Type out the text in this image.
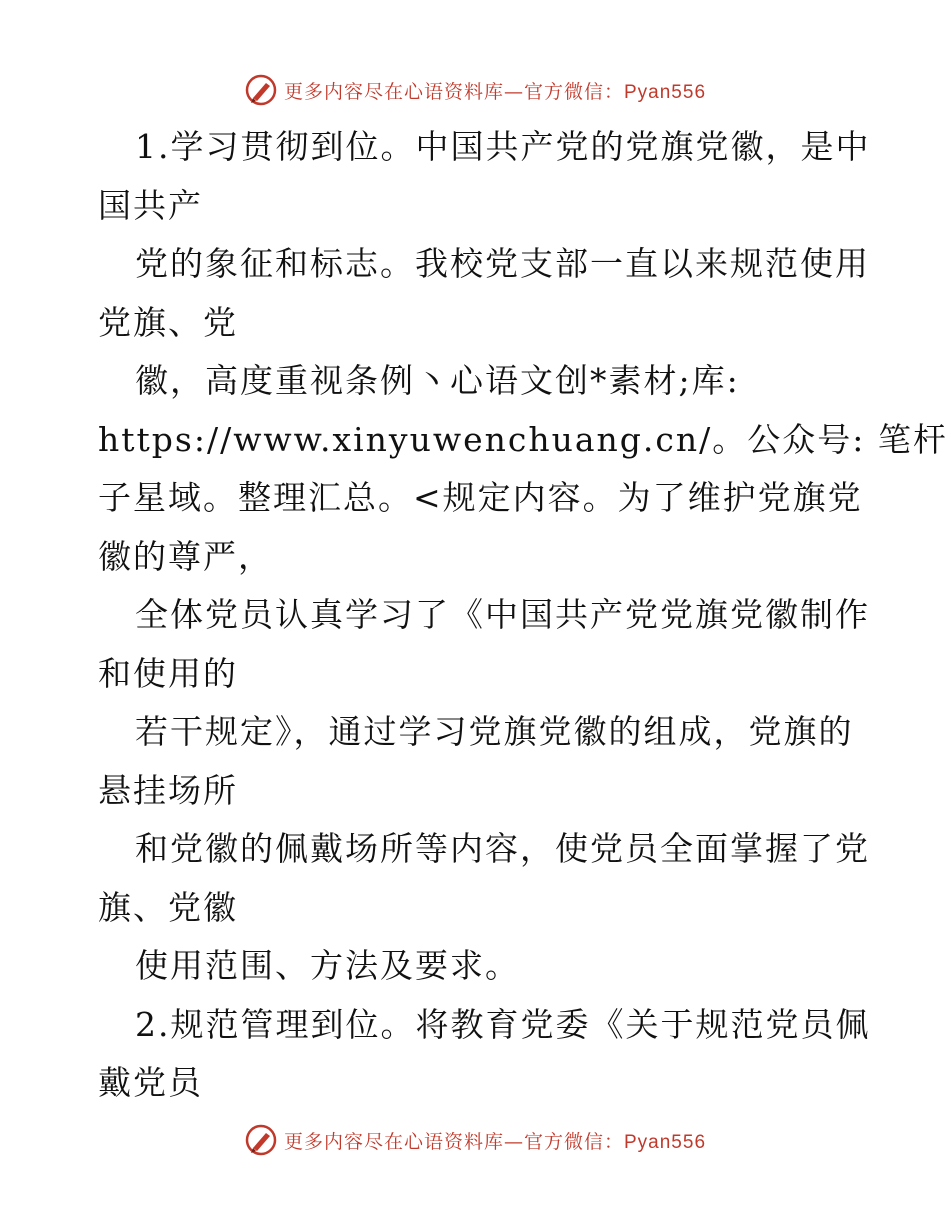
更多内容尽在心语资料库—官方微信：Pyan556
1.学习贯彻到位。中国共产党的党旗党徽，是中
国共产
党的象征和标志。我校党支部一直以来规范使用
党旗、党
徽，高度重视条例丶心语文创*素材;库:
https://www.xinyuwenchuang.cn/。公众号: 笔杆
子星域。整理汇总。<规定内容。为了维护党旗党
徽的尊严，
全体党员认真学习了《中国共产党党旗党徽制作
和使用的
若干规定》，通过学习党旗党徽的组成，党旗的
悬挂场所
和党徽的佩戴场所等内容，使党员全面掌握了党
旗、党徽
使用范围、方法及要求。
2.规范管理到位。将教育党委《关于规范党员佩
戴党员
更多内容尽在心语资料库—官方微信：Pyan556
